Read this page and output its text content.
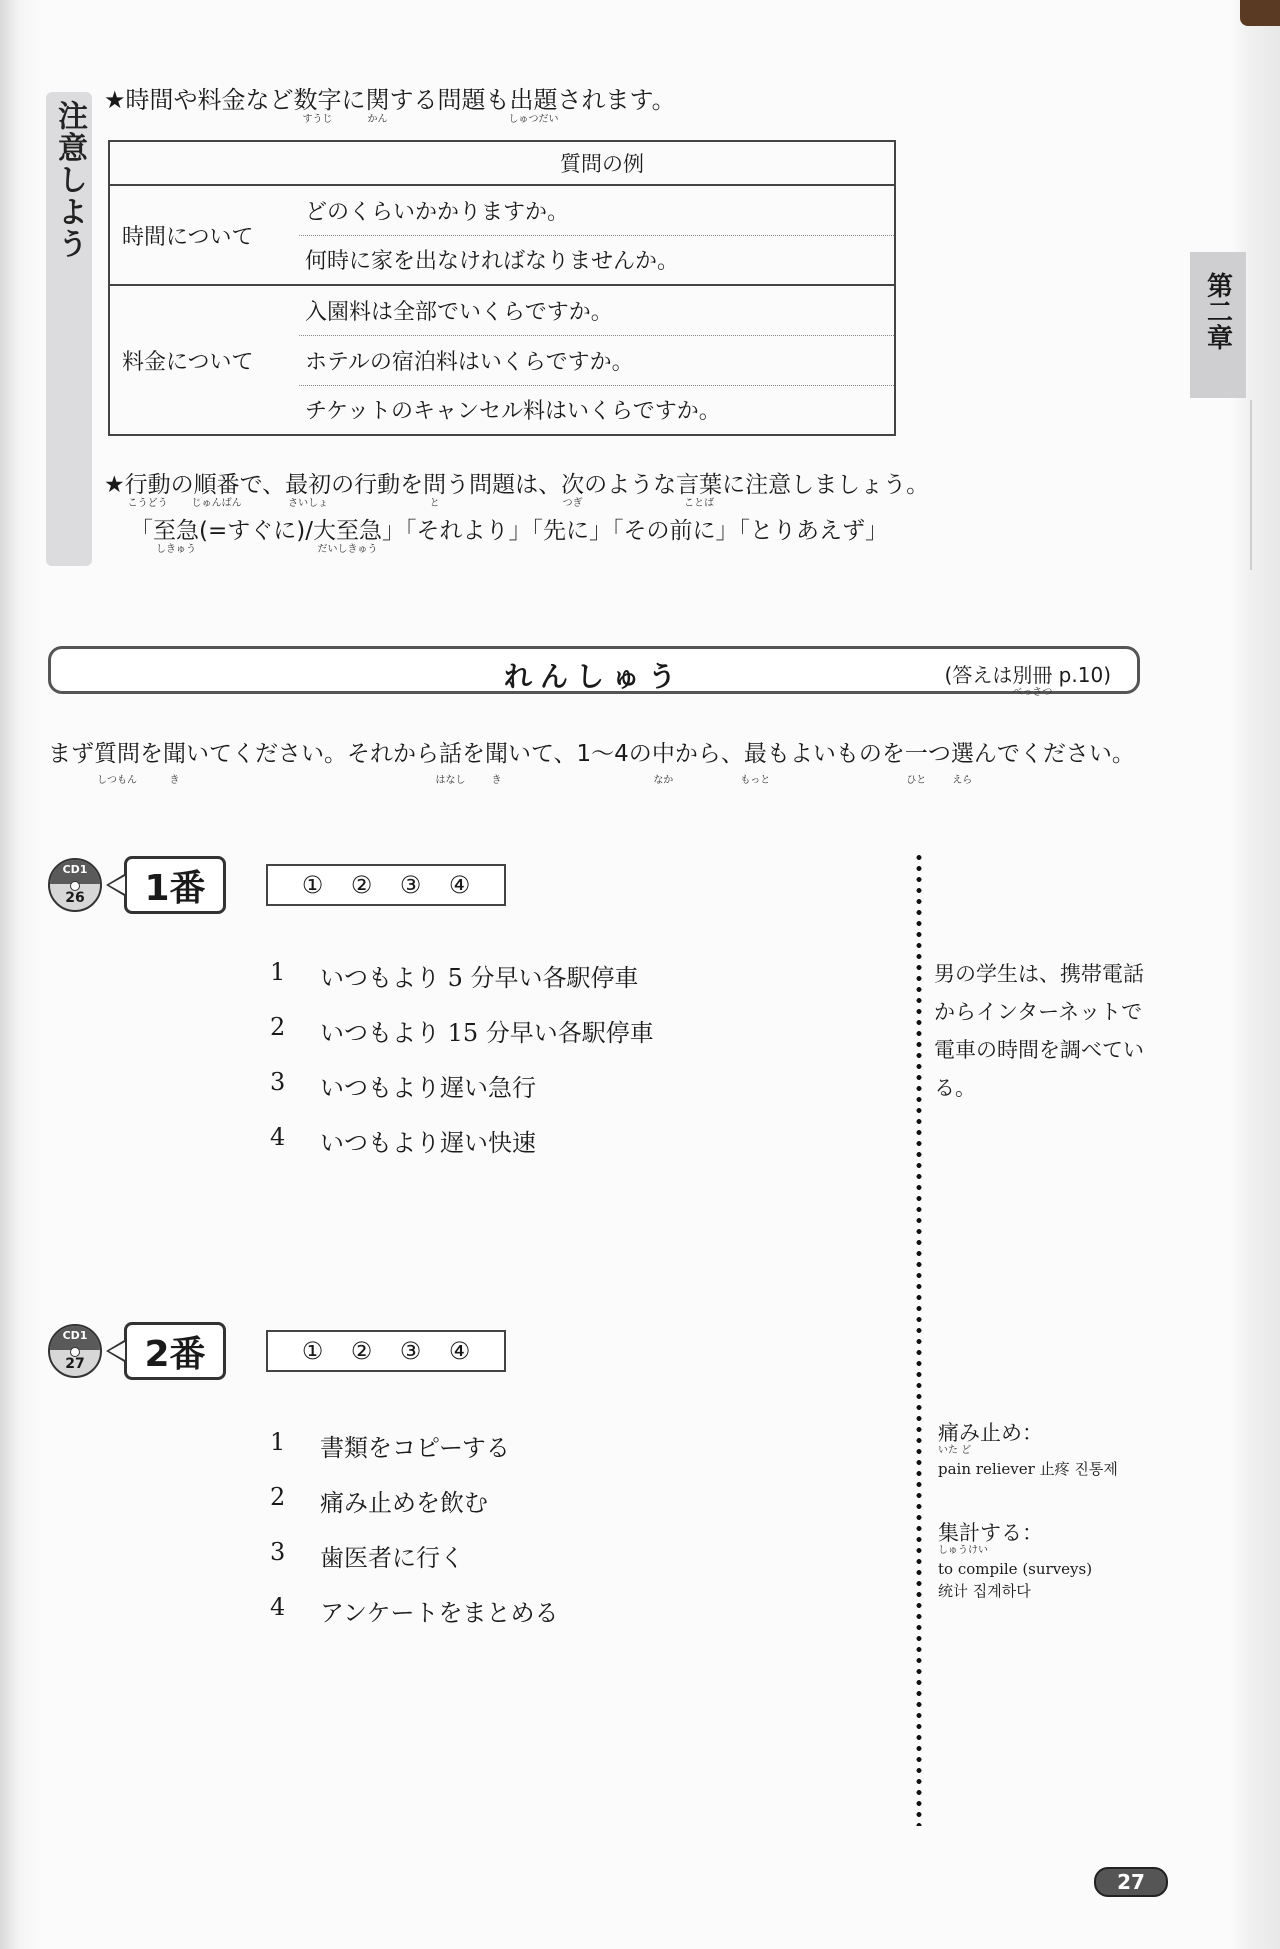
注意しよう ★時間や料金など数字
すうじ
に関
かん
する問題も出題
しゅつだい
されます。
質問の例	
時間について	どのくらいかかりますか。
	何時に家を出なければなりませんか。
料金について	入園料は全部でいくらですか。
	ホテルの宿泊料はいくらですか。
	チケットのキャンセル料はいくらですか。
★行動
こうどう
の順番
じゅんばん
で、最初
さいしょ
の行動を問
と
う問題は、次
つぎ
のような言葉
ことば
に注意しましょう。
「至急
しきゅう
(=すぐに)/大至急
だいしきゅう
」「それより」「先に」「その前に」「とりあえず」
れんしゅう	(答えは別冊
べっさつ
p.10)
まず質問
しつもん
を聞
き
いてください。それから話
はなし
を聞
き
いて、1～4の中
なか
から、最
もっと
もよいものを一
ひと
つ選
えら
んでください。
CD1
26	1番	① ② ③ ④
1	いつもより 5 分早い各駅停車
2	いつもより 15 分早い各駅停車
3	いつもより遅い急行
4	いつもより遅い快速
男の学生は、携帯電話からインターネットで電車の時間を調べている。
CD1
27	2番	① ② ③ ④
1	書類をコピーする
2	痛み止めを飲む
3	歯医者に行く
4	アンケートをまとめる
痛み止め：
いた ど
pain reliever 止疼 진통제
集計する：
しゅうけい
to compile (surveys)
统计 집계하다
第二章
27
